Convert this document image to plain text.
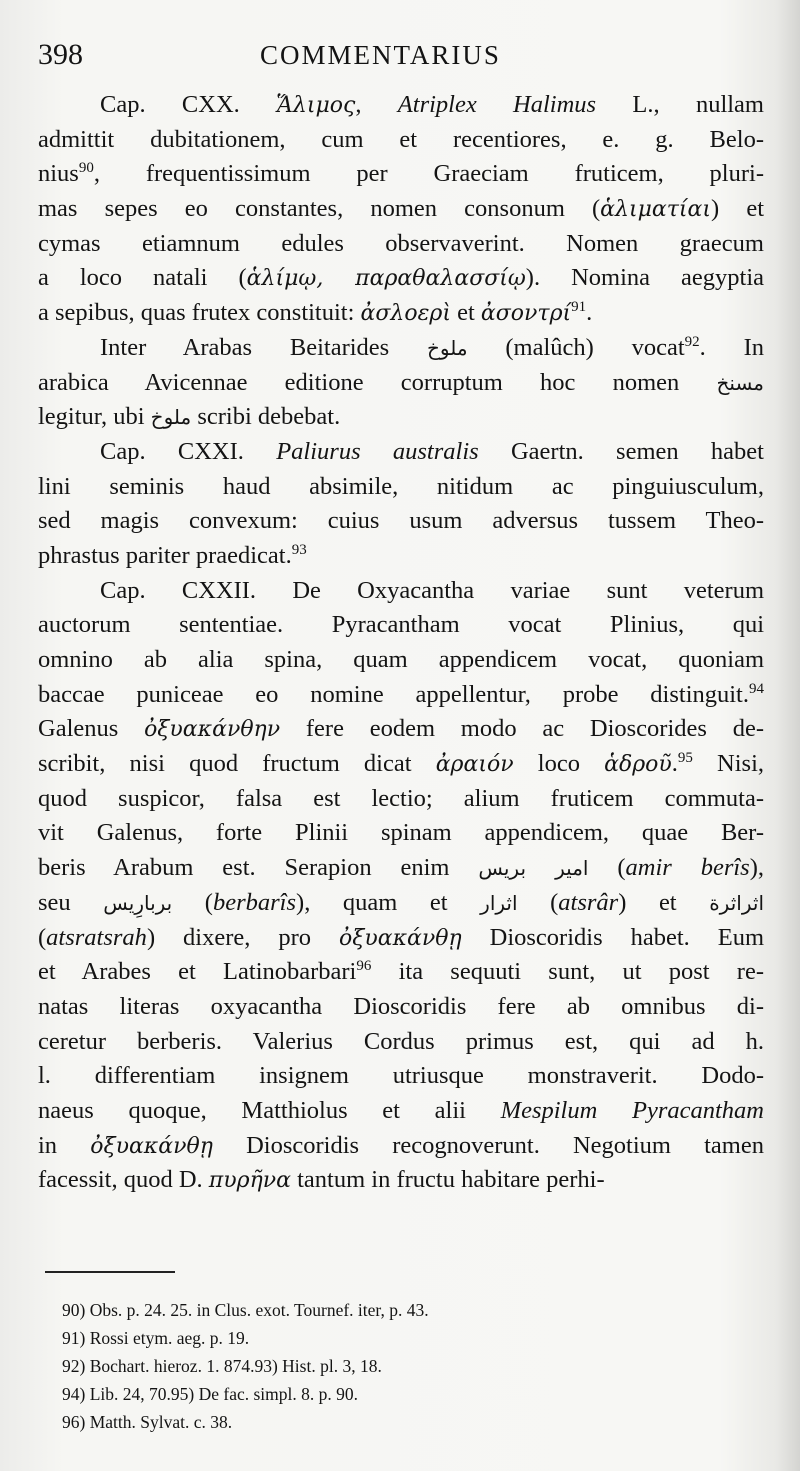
398	COMMENTARIUS
Cap. CXX. Ἅλιμος, Atriplex Halimus L., nullam
admittit dubitationem, cum et recentiores, e. g. Belo-
nius$^{90}$, frequentissimum per Graeciam fruticem, pluri-
mas sepes eo constantes, nomen consonum (ἁλιματίαι) et
cymas etiamnum edules observaverint. Nomen graecum
a loco natali (ἁλίμῳ, παραθαλασσίῳ). Nomina aegyptia
a sepibus, quas frutex constituit: ἀσλοερὶ et ἀσοντρί$^{91}$.
Inter Arabas Beitarides ملوخ (malûch) vocat$^{92}$. In
arabica Avicennae editione corruptum hoc nomen مسنخ
legitur, ubi ملوخ scribi debebat.
Cap. CXXI. Paliurus australis Gaertn. semen habet
lini seminis haud absimile, nitidum ac pinguiusculum,
sed magis convexum: cuius usum adversus tussem Theo-
phrastus pariter praedicat.$^{93}$
Cap. CXXII. De Oxyacantha variae sunt veterum
auctorum sententiae. Pyracantham vocat Plinius, qui
omnino ab alia spina, quam appendicem vocat, quoniam
baccae puniceae eo nomine appellentur, probe distinguit.$^{94}$
Galenus ὀξυακάνθην fere eodem modo ac Dioscorides de-
scribit, nisi quod fructum dicat ἀραιόν loco ἁδροῦ.$^{95}$ Nisi,
quod suspicor, falsa est lectio; alium fruticem commuta-
vit Galenus, forte Plinii spinam appendicem, quae Ber-
beris Arabum est. Serapion enim امير بريس (amir berîs),
seu بربارِيس (berbarîs), quam et اثرار (atsrâr) et اثراثرة
(atsratsrah) dixere, pro ὀξυακάνθῃ Dioscoridis habet. Eum
et Arabes et Latinobarbari$^{96}$ ita sequuti sunt, ut post re-
natas literas oxyacantha Dioscoridis fere ab omnibus di-
ceretur berberis. Valerius Cordus primus est, qui ad h.
l. differentiam insignem utriusque monstraverit. Dodo-
naeus quoque, Matthiolus et alii Mespilum Pyracantham
in ὀξυακάνθῃ Dioscoridis recognoverunt. Negotium tamen
facessit, quod D. πυρῆνα tantum in fructu habitare perhi-
90) Obs. p. 24. 25. in Clus. exot. Tournef. iter, p. 43.
91) Rossi etym. aeg. p. 19.
92) Bochart. hieroz. 1. 874.93) Hist. pl. 3, 18.
94) Lib. 24, 70.95) De fac. simpl. 8. p. 90.
96) Matth. Sylvat. c. 38.
